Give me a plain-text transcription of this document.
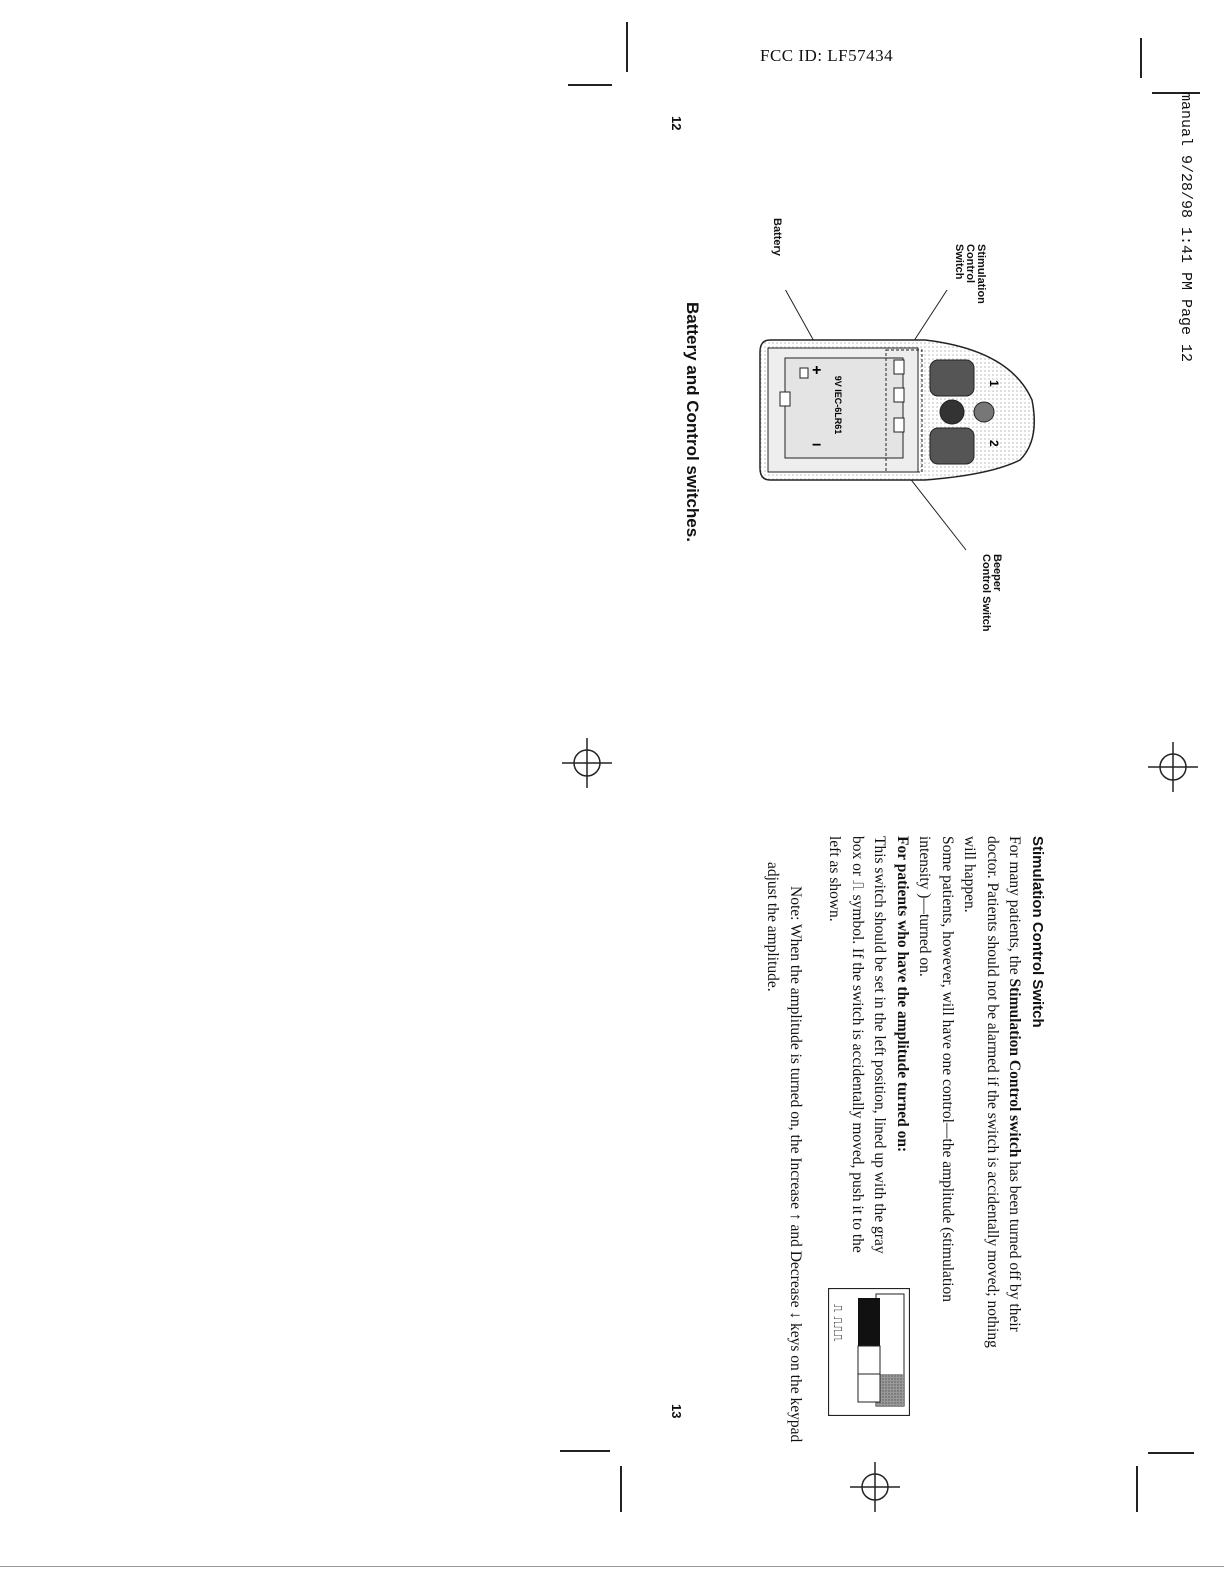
FCC ID: LF57434
manual 9/28/98 1:41 PM Page 12
12
13
Stimulation
Control
Switch
Battery
Beeper
Control Switch
9V IEC-6LR61
+
−
1
2
Battery and Control switches.

Stimulation Control Switch

For many patients, the Stimulation Control switch has been turned off by their doctor. Patients should not be alarmed if the switch is accidentally moved; nothing will happen.

Some patients, however, will have one control—the amplitude (stimulation intensity )—turned on.

For patients who have the amplitude turned on:

This switch should be set in the left position, lined up with the gray box or ⎍ symbol. If the switch is accidentally moved, push it to the left as shown.

Note: When the amplitude is turned on, the Increase ↑ and Decrease ↓ keys on the keypad adjust the amplitude.
⎍ ⎍⎍⎍
